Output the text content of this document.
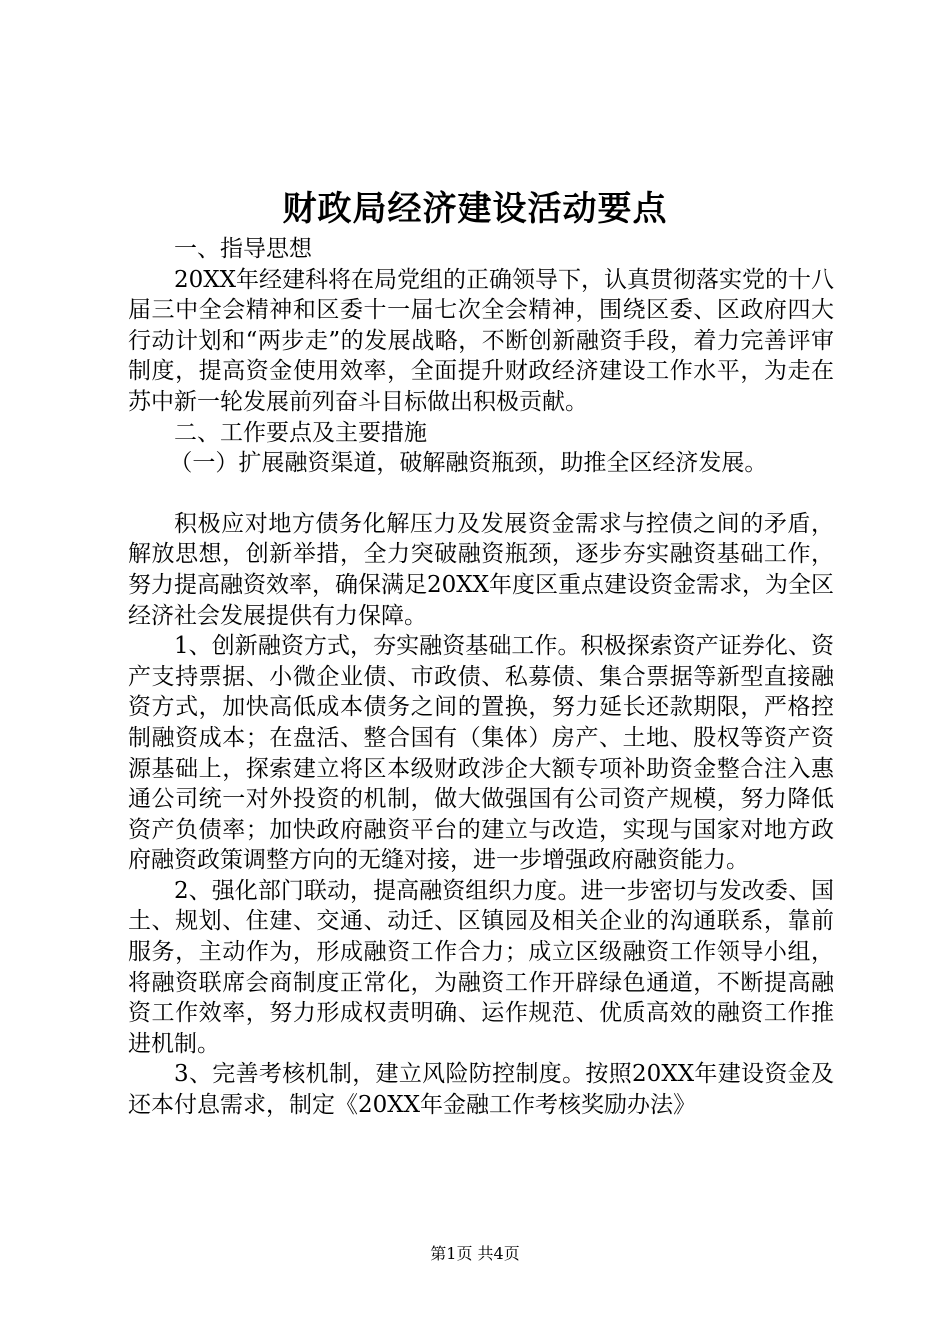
财政局经济建设活动要点

一、指导思想

20XX年经建科将在局党组的正确领导下，认真贯彻落实党的十八届三中全会精神和区委十一届七次全会精神，围绕区委、区政府四大行动计划和“两步走”的发展战略，不断创新融资手段，着力完善评审制度，提高资金使用效率，全面提升财政经济建设工作水平，为走在苏中新一轮发展前列奋斗目标做出积极贡献。

二、工作要点及主要措施

（一）扩展融资渠道，破解融资瓶颈，助推全区经济发展。

积极应对地方债务化解压力及发展资金需求与控债之间的矛盾，解放思想，创新举措，全力突破融资瓶颈，逐步夯实融资基础工作，努力提高融资效率，确保满足20XX年度区重点建设资金需求，为全区经济社会发展提供有力保障。

1、创新融资方式，夯实融资基础工作。积极探索资产证券化、资产支持票据、小微企业债、市政债、私募债、集合票据等新型直接融资方式，加快高低成本债务之间的置换，努力延长还款期限，严格控制融资成本；在盘活、整合国有（集体）房产、土地、股权等资产资源基础上，探索建立将区本级财政涉企大额专项补助资金整合注入惠通公司统一对外投资的机制，做大做强国有公司资产规模，努力降低资产负债率；加快政府融资平台的建立与改造，实现与国家对地方政府融资政策调整方向的无缝对接，进一步增强政府融资能力。

2、强化部门联动，提高融资组织力度。进一步密切与发改委、国土、规划、住建、交通、动迁、区镇园及相关企业的沟通联系，靠前服务，主动作为，形成融资工作合力；成立区级融资工作领导小组，将融资联席会商制度正常化，为融资工作开辟绿色通道，不断提高融资工作效率，努力形成权责明确、运作规范、优质高效的融资工作推进机制。

3、完善考核机制，建立风险防控制度。按照20XX年建设资金及还本付息需求，制定《20XX年金融工作考核奖励办法》

第1页 共4页
